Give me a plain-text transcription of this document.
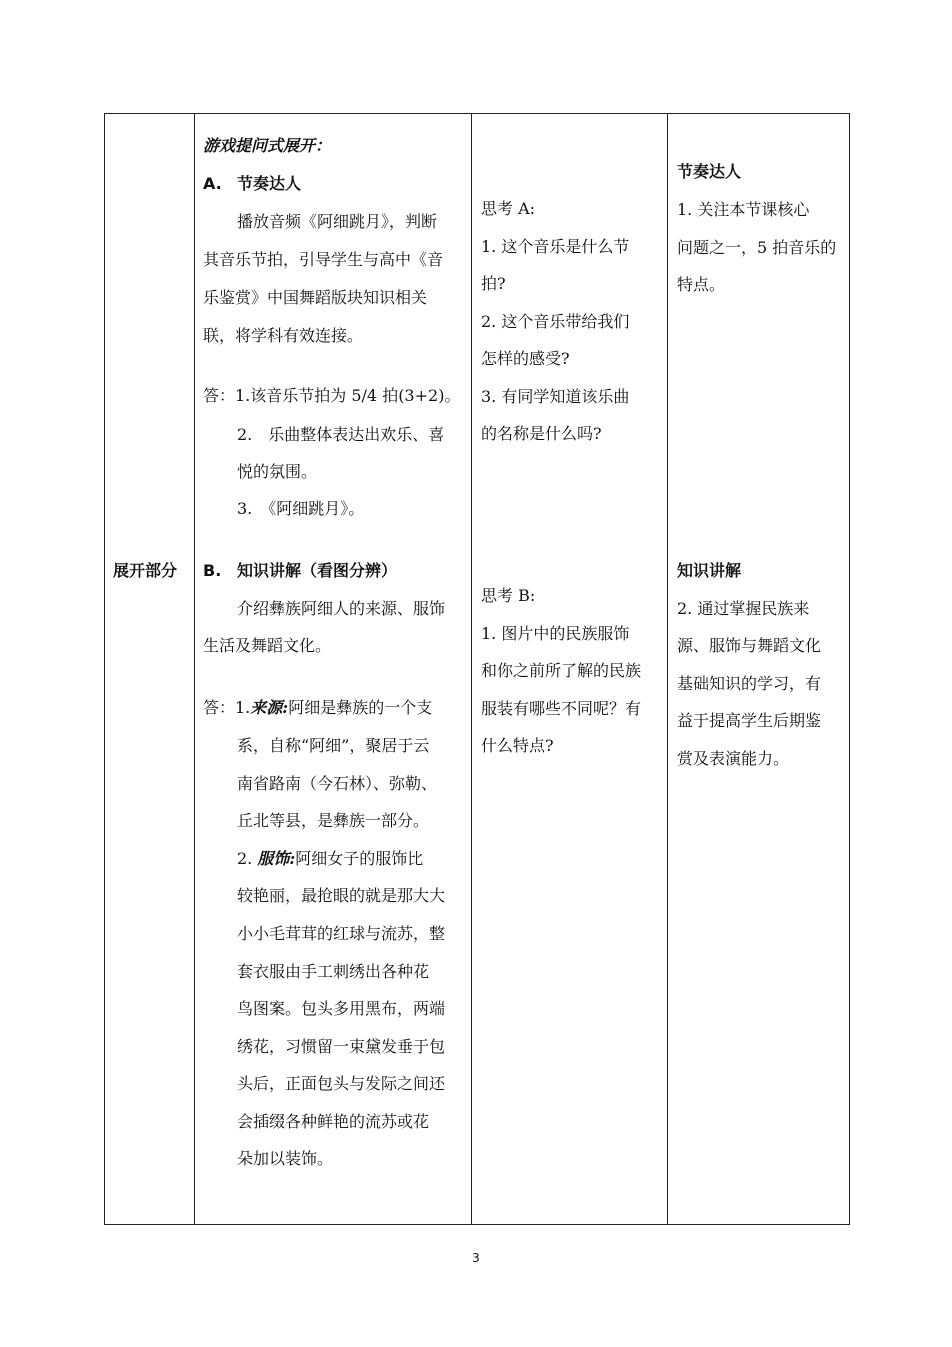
展开部分
游戏提问式展开：
A. 节奏达人
播放音频《阿细跳月》，判断
其音乐节拍，引导学生与高中《音
乐鉴赏》中国舞蹈版块知识相关
联，将学科有效连接。
答：1.该音乐节拍为 5/4 拍(3+2)。
2.　乐曲整体表达出欢乐、喜
悦的氛围。
3.　《阿细跳月》。
B. 知识讲解（看图分辨）
介绍彝族阿细人的来源、服饰
生活及舞蹈文化。
答：1.来源:阿细是彝族的一个支
系，自称“阿细”，聚居于云
南省路南（今石林）、弥勒、
丘北等县，是彝族一部分。
2. 服饰:阿细女子的服饰比
较艳丽，最抢眼的就是那大大
小小毛茸茸的红球与流苏，整
套衣服由手工刺绣出各种花
鸟图案。包头多用黑布，两端
绣花，习惯留一束黛发垂于包
头后，正面包头与发际之间还
会插缀各种鲜艳的流苏或花
朵加以装饰。
思考 A:
1. 这个音乐是什么节
拍?
2. 这个音乐带给我们
怎样的感受?
3. 有同学知道该乐曲
的名称是什么吗?
思考 B:
1. 图片中的民族服饰
和你之前所了解的民族
服装有哪些不同呢？有
什么特点?
节奏达人
1. 关注本节课核心
问题之一，5 拍音乐的
特点。
知识讲解
2. 通过掌握民族来
源、服饰与舞蹈文化
基础知识的学习，有
益于提高学生后期鉴
赏及表演能力。
3
